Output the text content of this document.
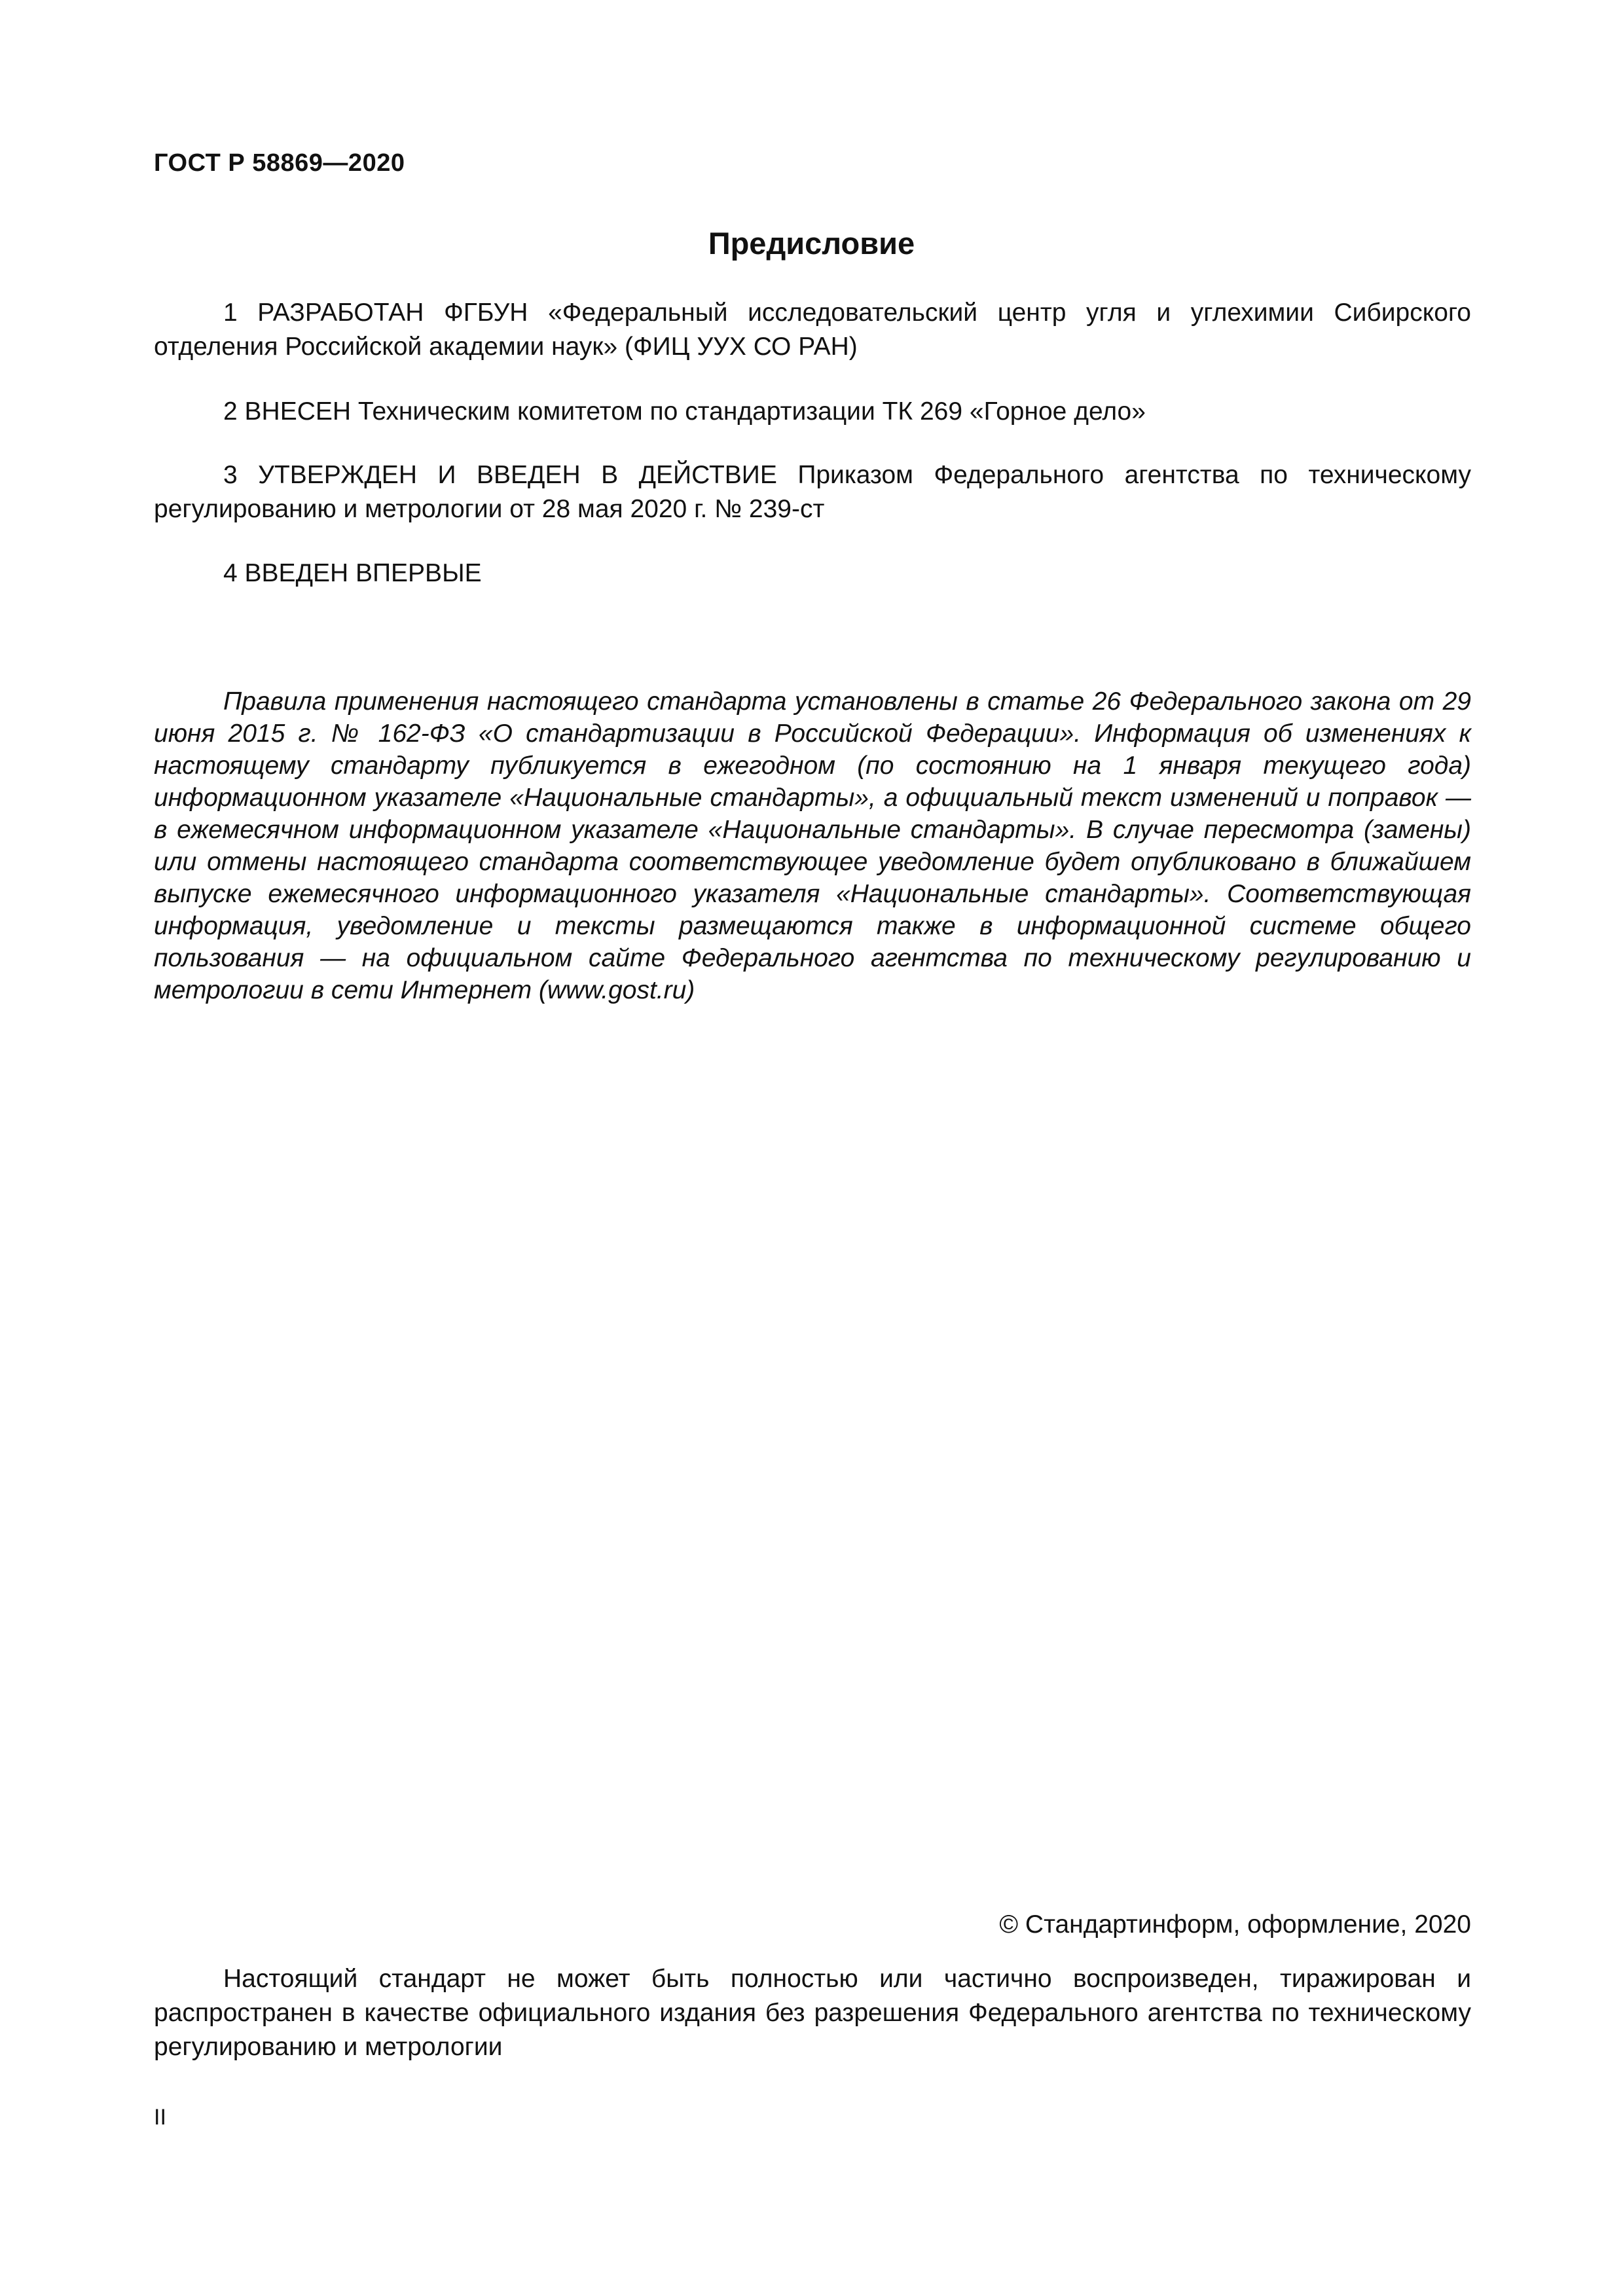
ГОСТ Р 58869—2020
Предисловие

1 РАЗРАБОТАН ФГБУН «Федеральный исследовательский центр угля и углехимии Сибирского отделения Российской академии наук» (ФИЦ УУХ СО РАН)

2 ВНЕСЕН Техническим комитетом по стандартизации ТК 269 «Горное дело»

3 УТВЕРЖДЕН И ВВЕДЕН В ДЕЙСТВИЕ Приказом Федерального агентства по техническому регулированию и метрологии от 28 мая 2020 г. № 239-ст

4 ВВЕДЕН ВПЕРВЫЕ

Правила применения настоящего стандарта установлены в статье 26 Федерального закона от 29 июня 2015 г. № 162-ФЗ «О стандартизации в Российской Федерации». Информация об изменениях к настоящему стандарту публикуется в ежегодном (по состоянию на 1 января текущего года) информационном указателе «Национальные стандарты», а официальный текст изменений и поправок — в ежемесячном информационном указателе «Национальные стандарты». В случае пересмотра (замены) или отмены настоящего стандарта соответствующее уведомление будет опубликовано в ближайшем выпуске ежемесячного информационного указателя «Национальные стандарты». Соответствующая информация, уведомление и тексты размещаются также в информационной системе общего пользования — на официальном сайте Федерального агентства по техническому регулированию и метрологии в сети Интернет (www.gost.ru)

© Стандартинформ, оформление, 2020

Настоящий стандарт не может быть полностью или частично воспроизведен, тиражирован и распространен в качестве официального издания без разрешения Федерального агентства по техническому регулированию и метрологии

II
